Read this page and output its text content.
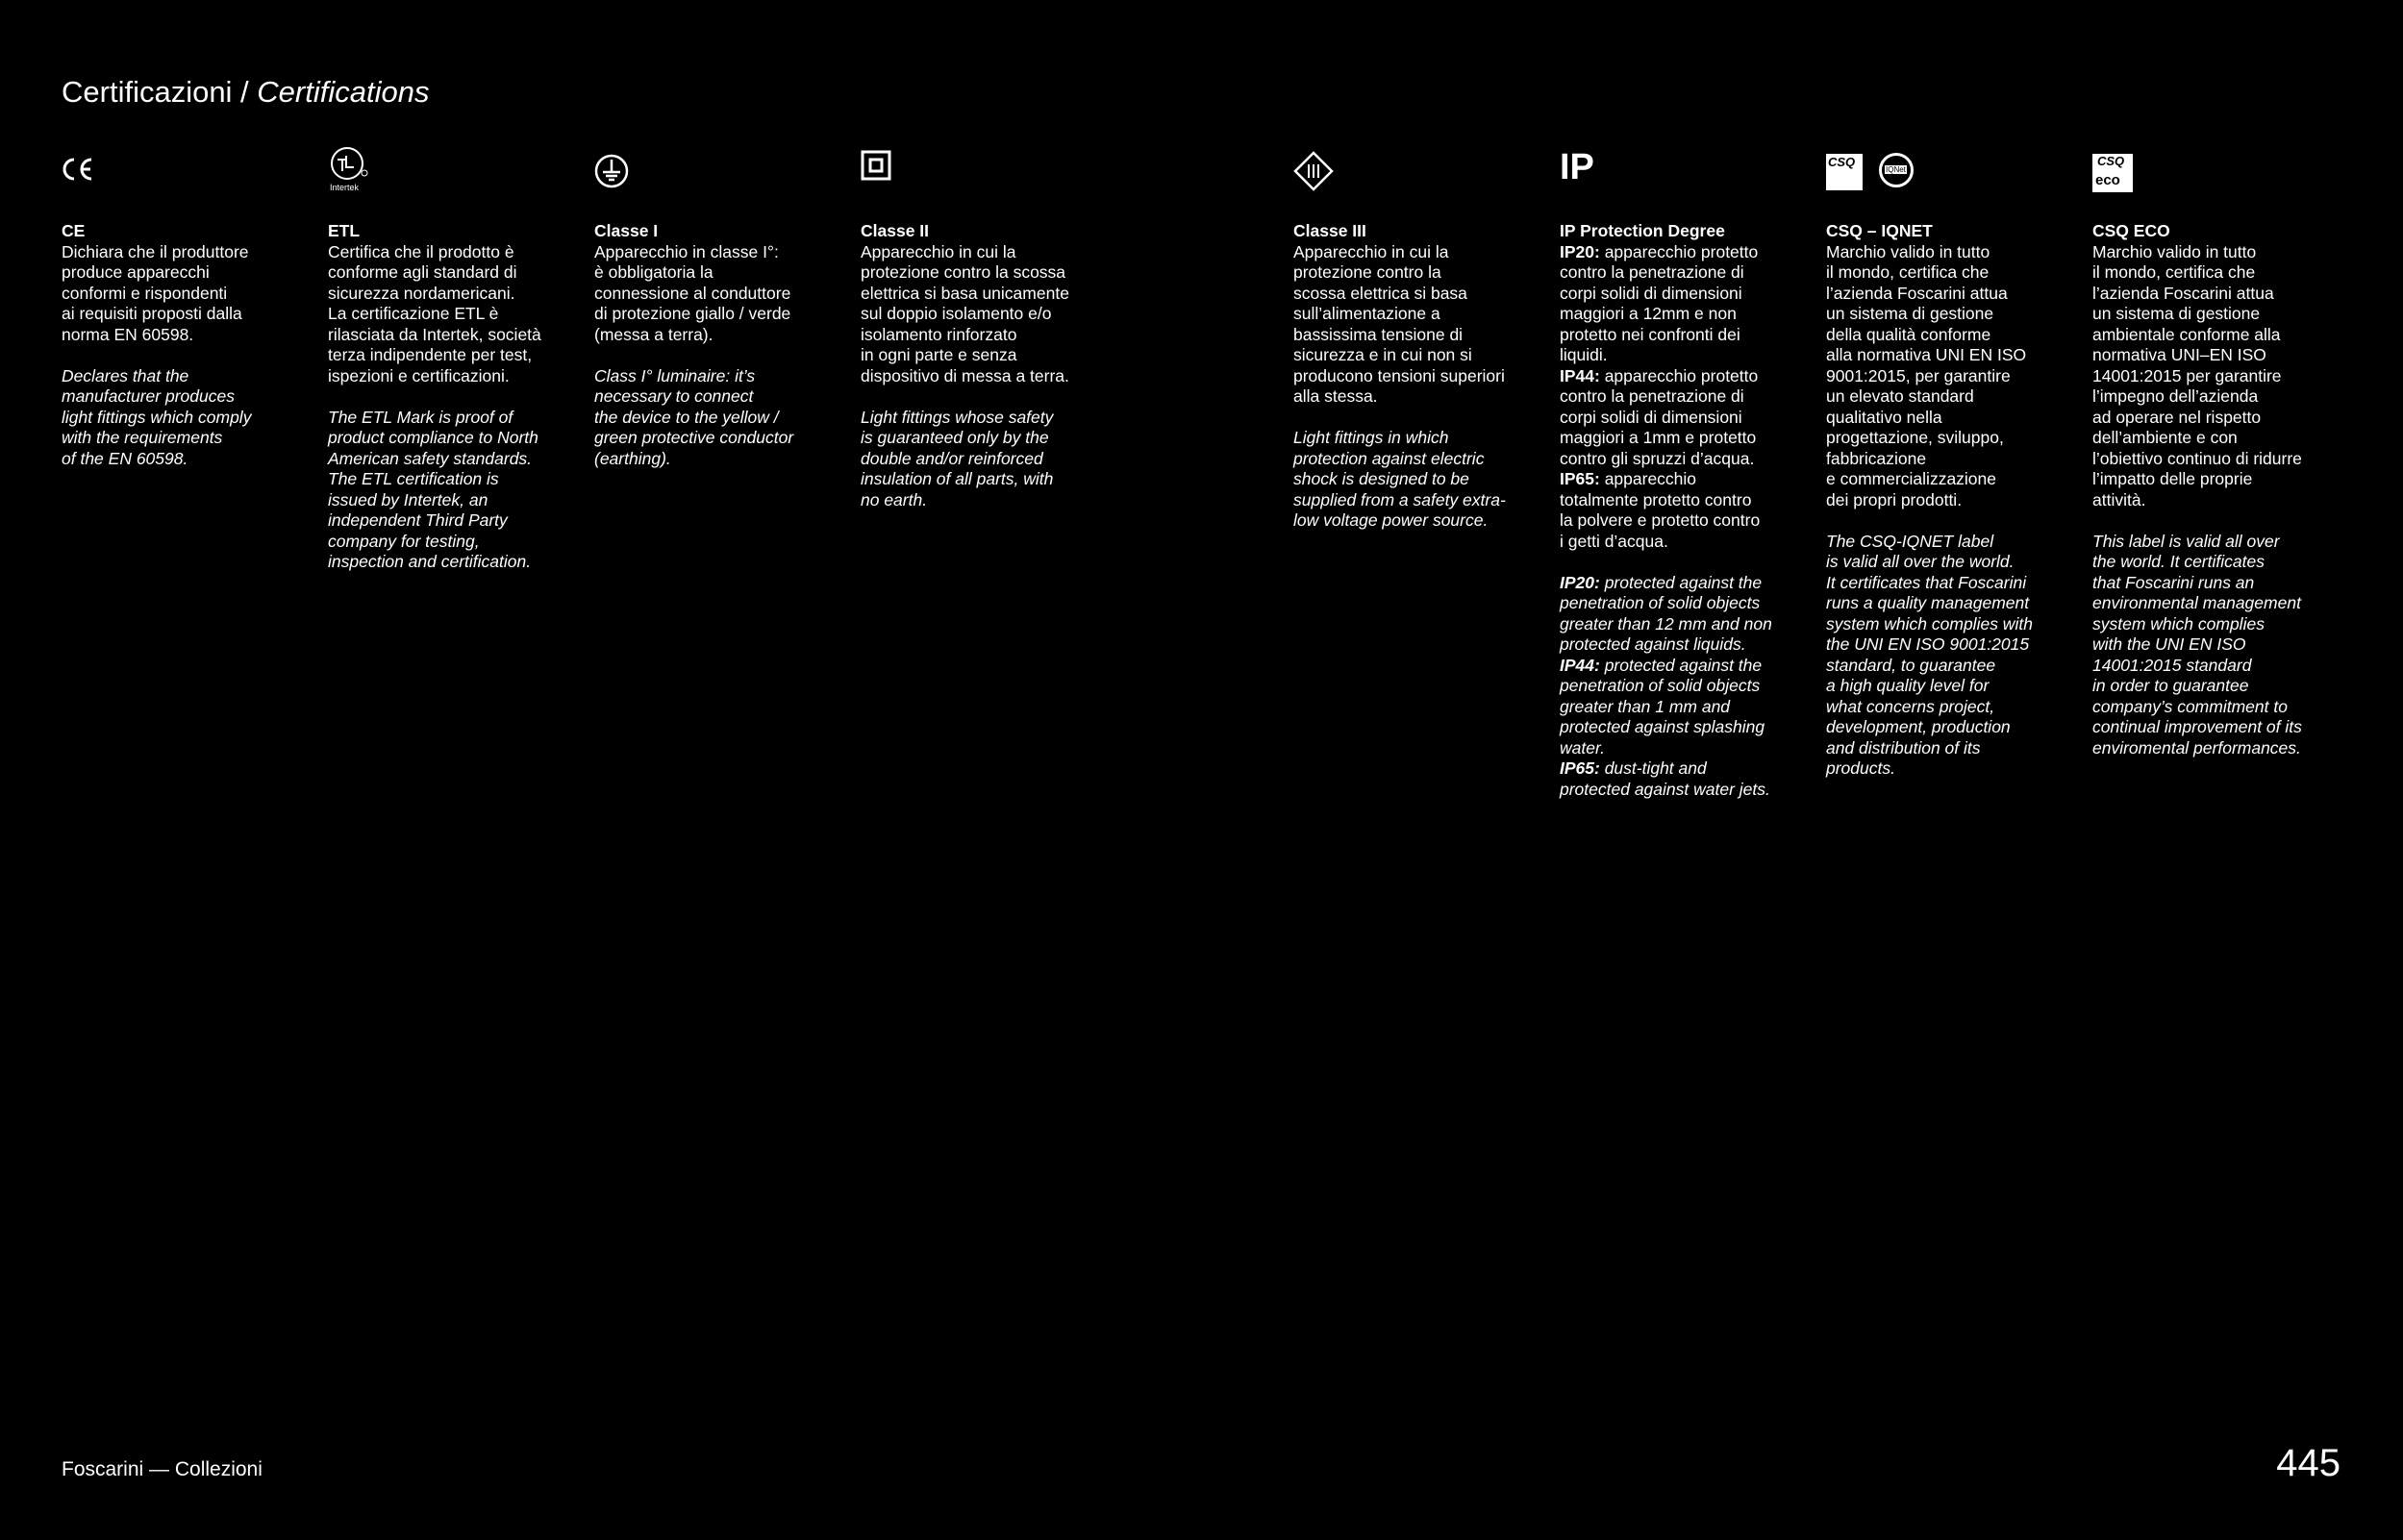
Certificazioni / Certifications
CE
Dichiara che il produttore
produce apparecchi
conformi e rispondenti
ai requisiti proposti dalla
norma EN 60598.
Declares that the
manufacturer produces
light fittings which comply
with the requirements
of the EN 60598.
Intertek
ETL
Certifica che il prodotto è
conforme agli standard di
sicurezza nordamericani.
La certificazione ETL è
rilasciata da Intertek, società
terza indipendente per test,
ispezioni e certificazioni.
The ETL Mark is proof of
product compliance to North
American safety standards.
The ETL certification is
issued by Intertek, an
independent Third Party
company for testing,
inspection and certification.
Classe I
Apparecchio in classe I°:
è obbligatoria la
connessione al conduttore
di protezione giallo / verde
(messa a terra).
Class I° luminaire: it’s
necessary to connect
the device to the yellow /
green protective conductor
(earthing).
Classe II
Apparecchio in cui la
protezione contro la scossa
elettrica si basa unicamente
sul doppio isolamento e/o
isolamento rinforzato
in ogni parte e senza
dispositivo di messa a terra.
Light fittings whose safety
is guaranteed only by the
double and/or reinforced
insulation of all parts, with
no earth.
Classe III
Apparecchio in cui la
protezione contro la
scossa elettrica si basa
sull’alimentazione a
bassissima tensione di
sicurezza e in cui non si
producono tensioni superiori
alla stessa.
Light fittings in which
protection against electric
shock is designed to be
supplied from a safety extra-
low voltage power source.
IP
IP Protection Degree
IP20: apparecchio protetto
contro la penetrazione di
corpi solidi di dimensioni
maggiori a 12mm e non
protetto nei confronti dei
liquidi.
IP44: apparecchio protetto
contro la penetrazione di
corpi solidi di dimensioni
maggiori a 1mm e protetto
contro gli spruzzi d’acqua.
IP65: apparecchio
totalmente protetto contro
la polvere e protetto contro
i getti d’acqua.
IP20: protected against the
penetration of solid objects
greater than 12 mm and non
protected against liquids.
IP44: protected against the
penetration of solid objects
greater than 1 mm and
protected against splashing
water.
IP65: dust-tight and
protected against water jets.
CSQ
IQNet
CSQ – IQNET
Marchio valido in tutto
il mondo, certifica che
l’azienda Foscarini attua
un sistema di gestione
della qualità conforme
alla normativa UNI EN ISO
9001:2015, per garantire
un elevato standard
qualitativo nella
progettazione, sviluppo,
fabbricazione
e commercializzazione
dei propri prodotti.
The CSQ-IQNET label
is valid all over the world.
It certificates that Foscarini
runs a quality management
system which complies with
the UNI EN ISO 9001:2015
standard, to guarantee
a high quality level for
what concerns project,
development, production
and distribution of its
products.
CSQ
eco
CSQ ECO
Marchio valido in tutto
il mondo, certifica che
l’azienda Foscarini attua
un sistema di gestione
ambientale conforme alla
normativa UNI–EN ISO
14001:2015 per garantire
l’impegno dell’azienda
ad operare nel rispetto
dell’ambiente e con
l’obiettivo continuo di ridurre
l’impatto delle proprie
attività.
This label is valid all over
the world. It certificates
that Foscarini runs an
environmental management
system which complies
with the UNI EN ISO
14001:2015 standard
in order to guarantee
company’s commitment to
continual improvement of its
enviromental performances.
Foscarini — Collezioni	445
